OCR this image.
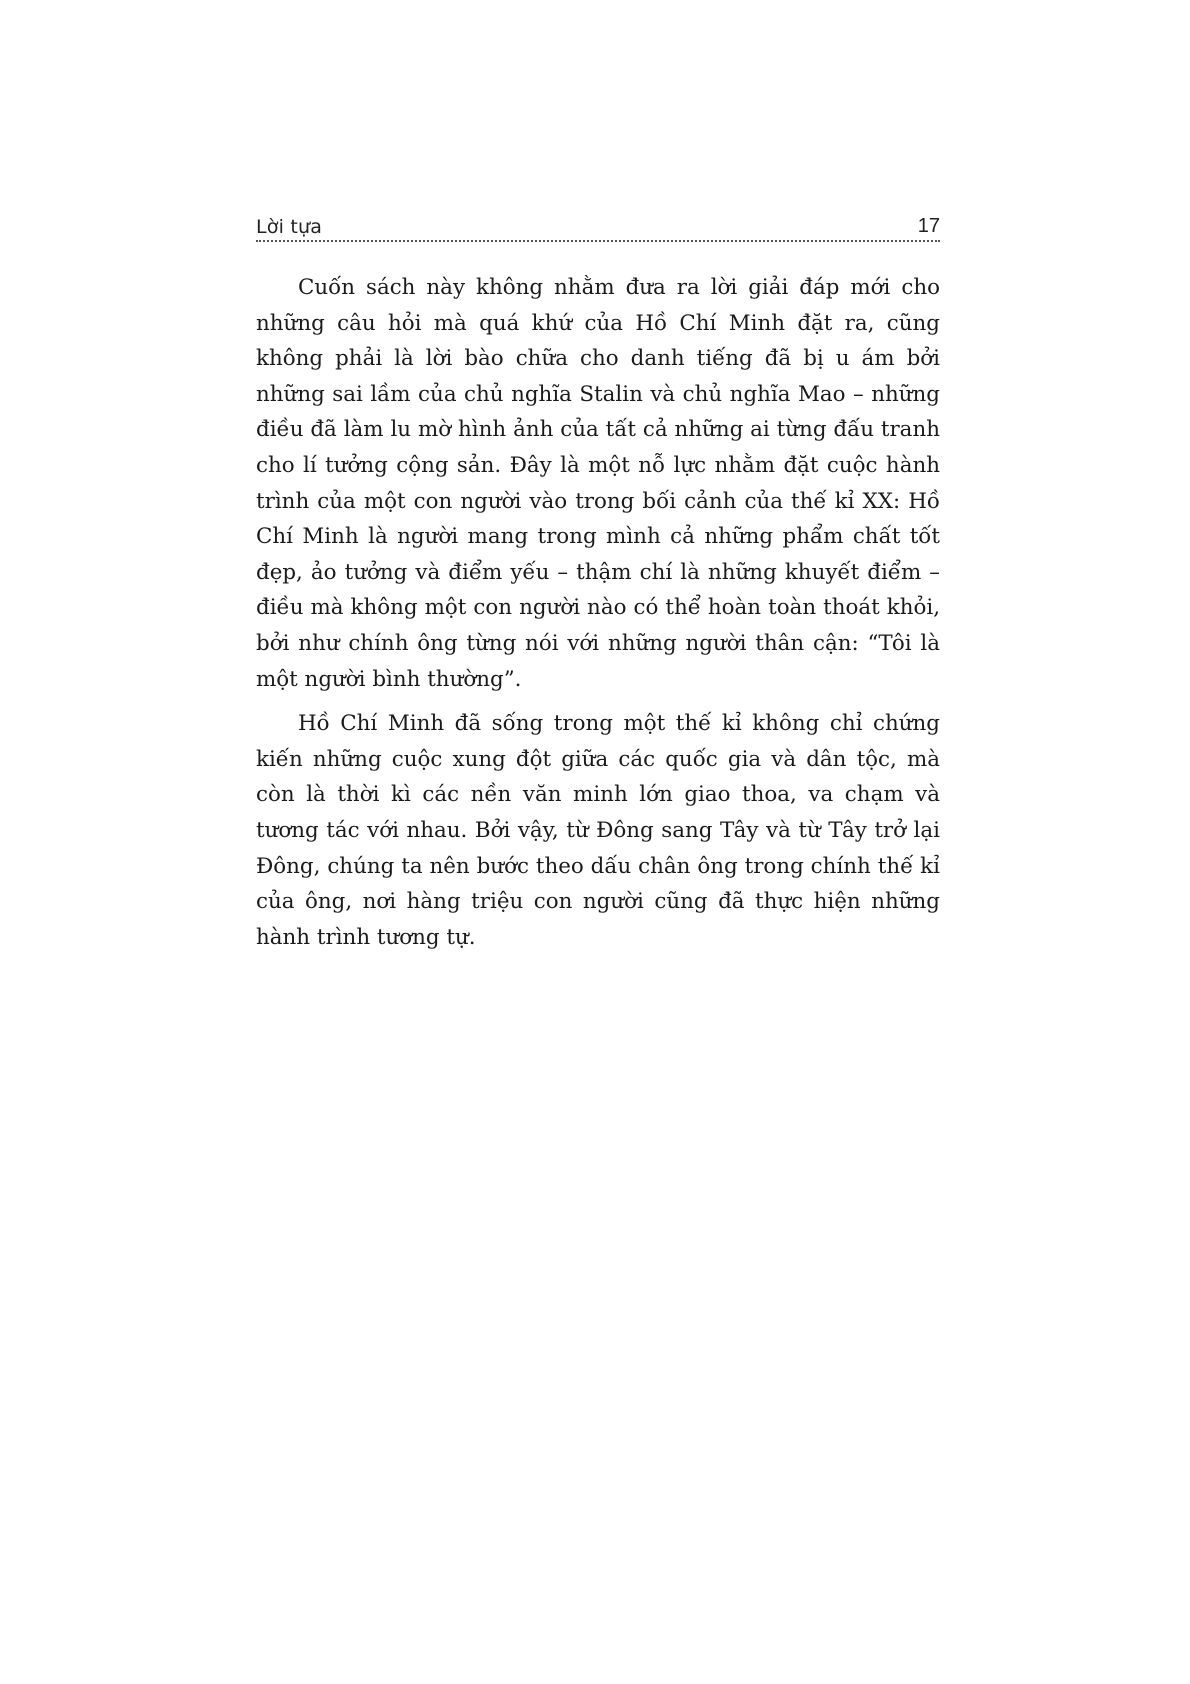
Lời tựa	17

Cuốn sách này không nhằm đưa ra lời giải đáp mới cho những câu hỏi mà quá khứ của Hồ Chí Minh đặt ra, cũng không phải là lời bào chữa cho danh tiếng đã bị u ám bởi những sai lầm của chủ nghĩa Stalin và chủ nghĩa Mao – những điều đã làm lu mờ hình ảnh của tất cả những ai từng đấu tranh cho lí tưởng cộng sản. Đây là một nỗ lực nhằm đặt cuộc hành trình của một con người vào trong bối cảnh của thế kỉ XX: Hồ Chí Minh là người mang trong mình cả những phẩm chất tốt đẹp, ảo tưởng và điểm yếu – thậm chí là những khuyết điểm – điều mà không một con người nào có thể hoàn toàn thoát khỏi, bởi như chính ông từng nói với những người thân cận: “Tôi là một người bình thường”.

Hồ Chí Minh đã sống trong một thế kỉ không chỉ chứng kiến những cuộc xung đột giữa các quốc gia và dân tộc, mà còn là thời kì các nền văn minh lớn giao thoa, va chạm và tương tác với nhau. Bởi vậy, từ Đông sang Tây và từ Tây trở lại Đông, chúng ta nên bước theo dấu chân ông trong chính thế kỉ của ông, nơi hàng triệu con người cũng đã thực hiện những hành trình tương tự.
